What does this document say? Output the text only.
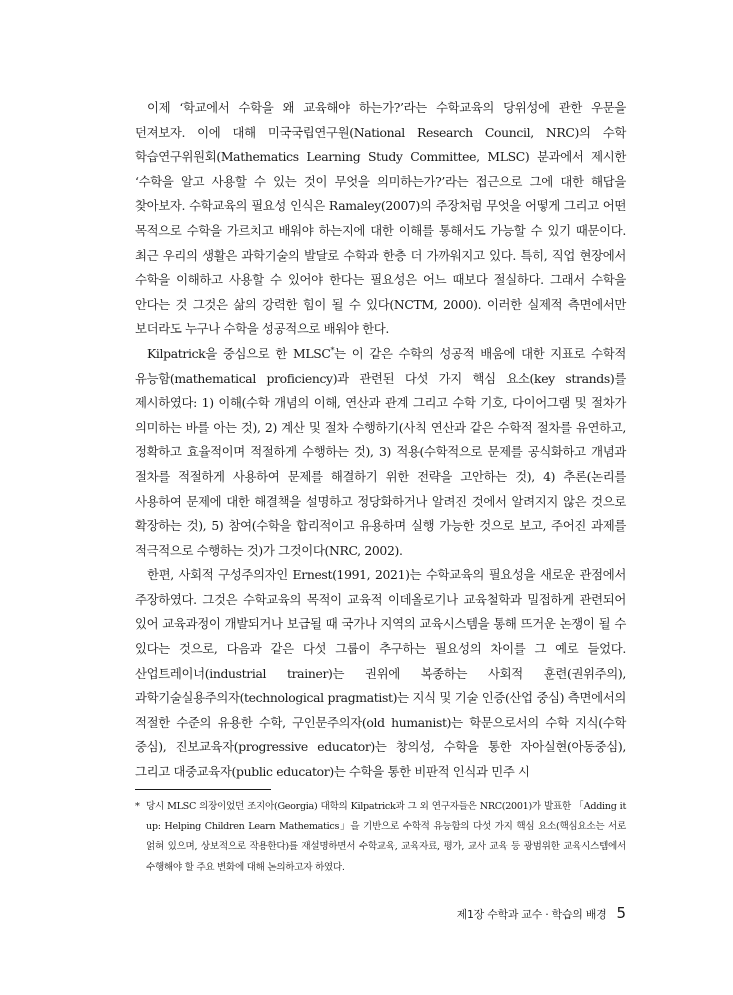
이제 ‘학교에서 수학을 왜 교육해야 하는가?’라는 수학교육의 당위성에 관한 우문을 던져보자. 이에 대해 미국국립연구원(National Research Council, NRC)의 수학 학습연구위원회(Mathematics Learning Study Committee, MLSC) 분과에서 제시한 ‘수학을 알고 사용할 수 있는 것이 무엇을 의미하는가?’라는 접근으로 그에 대한 해답을 찾아보자. 수학교육의 필요성 인식은 Ramaley(2007)의 주장처럼 무엇을 어떻게 그리고 어떤 목적으로 수학을 가르치고 배워야 하는지에 대한 이해를 통해서도 가능할 수 있기 때문이다. 최근 우리의 생활은 과학기술의 발달로 수학과 한층 더 가까워지고 있다. 특히, 직업 현장에서 수학을 이해하고 사용할 수 있어야 한다는 필요성은 어느 때보다 절실하다. 그래서 수학을 안다는 것 그것은 삶의 강력한 힘이 될 수 있다(NCTM, 2000). 이러한 실제적 측면에서만 보더라도 누구나 수학을 성공적으로 배워야 한다.

Kilpatrick을 중심으로 한 MLSC*는 이 같은 수학의 성공적 배움에 대한 지표로 수학적 유능함(mathematical proficiency)과 관련된 다섯 가지 핵심 요소(key strands)를 제시하였다: 1) 이해(수학 개념의 이해, 연산과 관계 그리고 수학 기호, 다이어그램 및 절차가 의미하는 바를 아는 것), 2) 계산 및 절차 수행하기(사칙 연산과 같은 수학적 절차를 유연하고, 정확하고 효율적이며 적절하게 수행하는 것), 3) 적용(수학적으로 문제를 공식화하고 개념과 절차를 적절하게 사용하여 문제를 해결하기 위한 전략을 고안하는 것), 4) 추론(논리를 사용하여 문제에 대한 해결책을 설명하고 정당화하거나 알려진 것에서 알려지지 않은 것으로 확장하는 것), 5) 참여(수학을 합리적이고 유용하며 실행 가능한 것으로 보고, 주어진 과제를 적극적으로 수행하는 것)가 그것이다(NRC, 2002).

한편, 사회적 구성주의자인 Ernest(1991, 2021)는 수학교육의 필요성을 새로운 관점에서 주장하였다. 그것은 수학교육의 목적이 교육적 이데올로기나 교육철학과 밀접하게 관련되어 있어 교육과정이 개발되거나 보급될 때 국가나 지역의 교육시스템을 통해 뜨거운 논쟁이 될 수 있다는 것으로, 다음과 같은 다섯 그룹이 추구하는 필요성의 차이를 그 예로 들었다. 산업트레이너(industrial trainer)는 권위에 복종하는 사회적 훈련(권위주의), 과학기술실용주의자(technological pragmatist)는 지식 및 기술 인증(산업 중심) 측면에서의 적절한 수준의 유용한 수학, 구인문주의자(old humanist)는 학문으로서의 수학 지식(수학 중심), 진보교육자(progressive educator)는 창의성, 수학을 통한 자아실현(아동중심), 그리고 대중교육자(public educator)는 수학을 통한 비판적 인식과 민주 시

* 당시 MLSC 의장이었던 조지아(Georgia) 대학의 Kilpatrick과 그 외 연구자들은 NRC(2001)가 발표한 「Adding it up: Helping Children Learn Mathematics」을 기반으로 수학적 유능함의 다섯 가지 핵심 요소(핵심요소는 서로 얽혀 있으며, 상보적으로 작용한다)를 재설명하면서 수학교육, 교육자료, 평가, 교사 교육 등 광범위한 교육시스템에서 수행해야 할 주요 변화에 대해 논의하고자 하였다.
제1장 수학과 교수 · 학습의 배경 5
